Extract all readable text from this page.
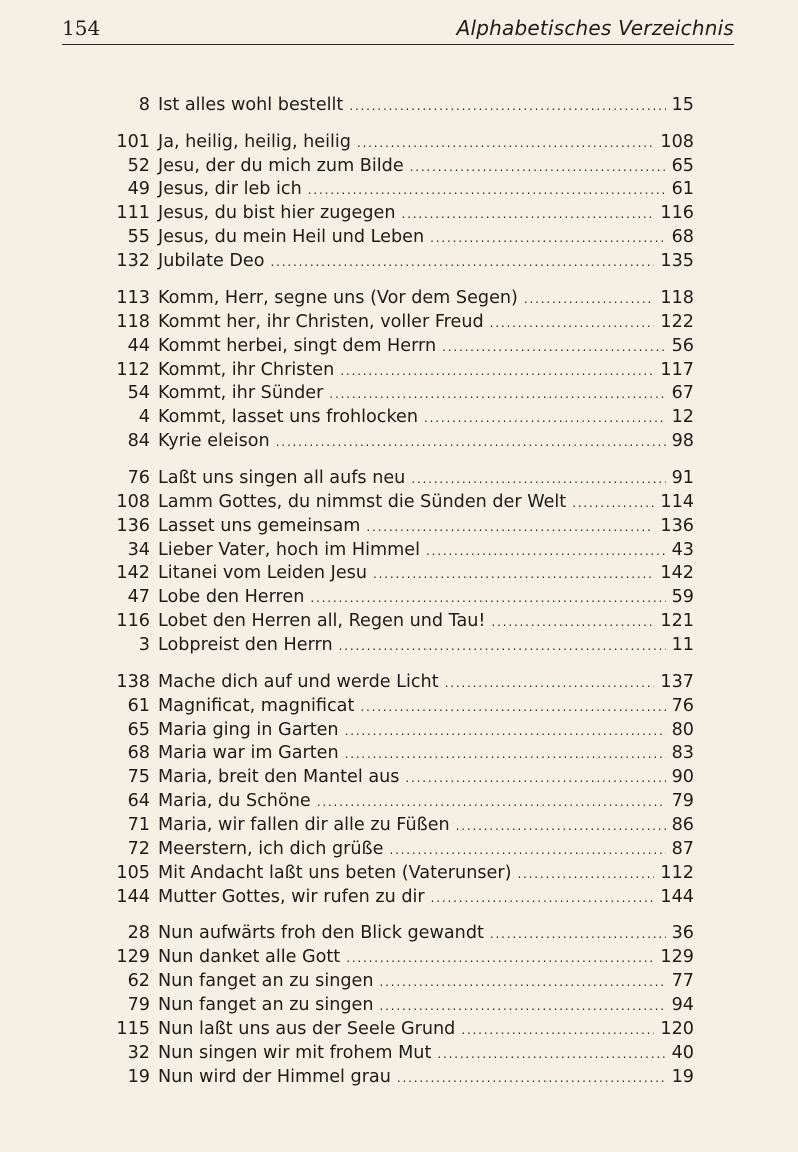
154	Alphabetisches Verzeichnis
8 Ist alles wohl bestellt .....	15
101 Ja, heilig, heilig, heilig .....	108
52 Jesu, der du mich zum Bilde .....	65
49 Jesus, dir leb ich .....	61
111 Jesus, du bist hier zugegen .....	116
55 Jesus, du mein Heil und Leben .....	68
132 Jubilate Deo .....	135
113 Komm, Herr, segne uns (Vor dem Segen) .....	118
118 Kommt her, ihr Christen, voller Freud .....	122
44 Kommt herbei, singt dem Herrn .....	56
112 Kommt, ihr Christen .....	117
54 Kommt, ihr Sünder .....	67
4 Kommt, lasset uns frohlocken .....	12
84 Kyrie eleison .....	98
76 Laßt uns singen all aufs neu .....	91
108 Lamm Gottes, du nimmst die Sünden der Welt .....	114
136 Lasset uns gemeinsam .....	136
34 Lieber Vater, hoch im Himmel .....	43
142 Litanei vom Leiden Jesu .....	142
47 Lobe den Herren .....	59
116 Lobet den Herren all, Regen und Tau! .....	121
3 Lobpreist den Herrn .....	11
138 Mache dich auf und werde Licht .....	137
61 Magnificat, magnificat .....	76
65 Maria ging in Garten .....	80
68 Maria war im Garten .....	83
75 Maria, breit den Mantel aus .....	90
64 Maria, du Schöne .....	79
71 Maria, wir fallen dir alle zu Füßen .....	86
72 Meerstern, ich dich grüße .....	87
105 Mit Andacht laßt uns beten (Vaterunser) .....	112
144 Mutter Gottes, wir rufen zu dir .....	144
28 Nun aufwärts froh den Blick gewandt .....	36
129 Nun danket alle Gott .....	129
62 Nun fanget an zu singen .....	77
79 Nun fanget an zu singen .....	94
115 Nun laßt uns aus der Seele Grund .....	120
32 Nun singen wir mit frohem Mut .....	40
19 Nun wird der Himmel grau .....	19
